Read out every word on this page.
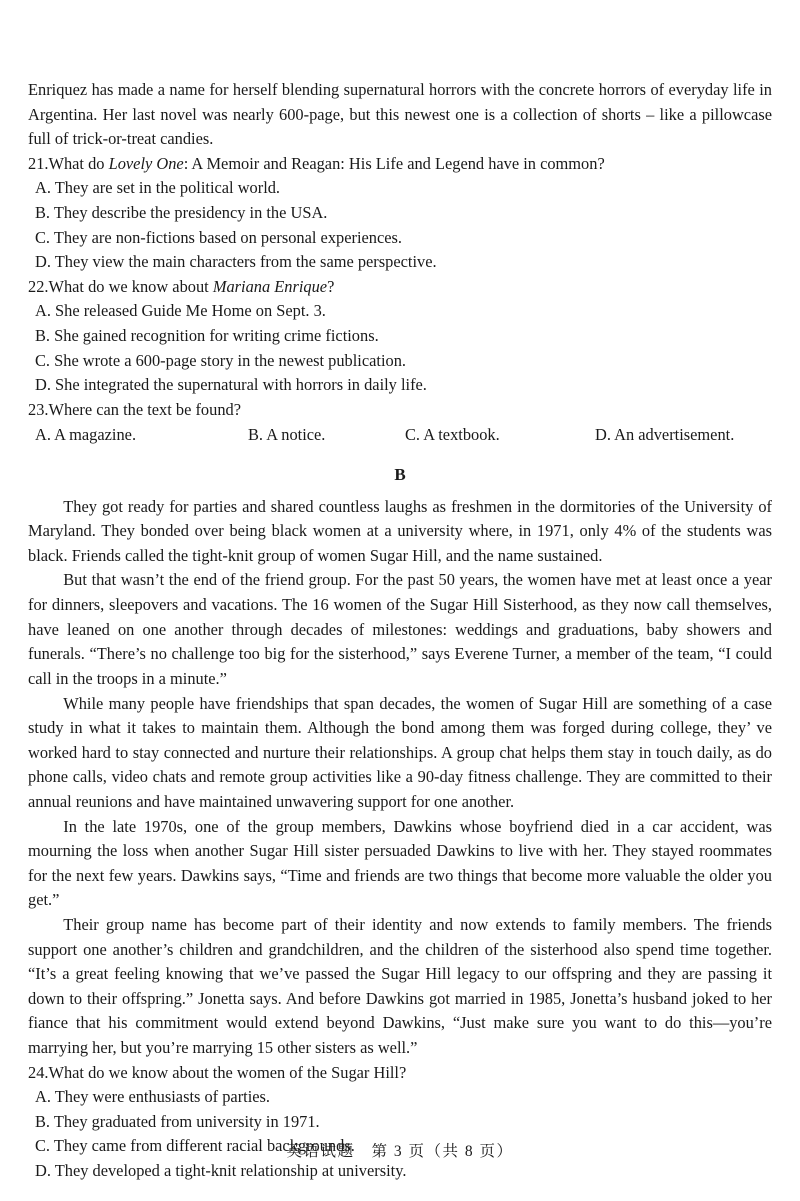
Enriquez has made a name for herself blending supernatural horrors with the concrete horrors of everyday life in Argentina. Her last novel was nearly 600-page, but this newest one is a collection of shorts – like a pillowcase full of trick-or-treat candies.

21.What do Lovely One: A Memoir and Reagan: His Life and Legend have in common?

A. They are set in the political world.

B. They describe the presidency in the USA.

C. They are non-fictions based on personal experiences.

D. They view the main characters from the same perspective.

22.What do we know about Mariana Enrique?

A. She released Guide Me Home on Sept. 3.

B. She gained recognition for writing crime fictions.

C. She wrote a 600-page story in the newest publication.

D. She integrated the supernatural with horrors in daily life.

23.Where can the text be found?

A. A magazine.	B. A notice.	C. A textbook.	D. An advertisement.
B

They got ready for parties and shared countless laughs as freshmen in the dormitories of the University of Maryland. They bonded over being black women at a university where, in 1971, only 4% of the students was black. Friends called the tight-knit group of women Sugar Hill, and the name sustained.

But that wasn’t the end of the friend group. For the past 50 years, the women have met at least once a year for dinners, sleepovers and vacations. The 16 women of the Sugar Hill Sisterhood, as they now call themselves, have leaned on one another through decades of milestones: weddings and graduations, baby showers and funerals. “There’s no challenge too big for the sisterhood,” says Everene Turner, a member of the team, “I could call in the troops in a minute.”

While many people have friendships that span decades, the women of Sugar Hill are something of a case study in what it takes to maintain them. Although the bond among them was forged during college, they’ ve worked hard to stay connected and nurture their relationships. A group chat helps them stay in touch daily, as do phone calls, video chats and remote group activities like a 90-day fitness challenge. They are committed to their annual reunions and have maintained unwavering support for one another.

In the late 1970s, one of the group members, Dawkins whose boyfriend died in a car accident, was mourning the loss when another Sugar Hill sister persuaded Dawkins to live with her. They stayed roommates for the next few years. Dawkins says, “Time and friends are two things that become more valuable the older you get.”

Their group name has become part of their identity and now extends to family members. The friends support one another’s children and grandchildren, and the children of the sisterhood also spend time together. “It’s a great feeling knowing that we’ve passed the Sugar Hill legacy to our offspring and they are passing it down to their offspring.” Jonetta says. And before Dawkins got married in 1985, Jonetta’s husband joked to her fiance that his commitment would extend beyond Dawkins, “Just make sure you want to do this—you’re marrying her, but you’re marrying 15 other sisters as well.”

24.What do we know about the women of the Sugar Hill?

A. They were enthusiasts of parties.

B. They graduated from university in 1971.

C. They came from different racial backgrounds.

D. They developed a tight-knit relationship at university.

英语试题　第 3 页（共 8 页）
